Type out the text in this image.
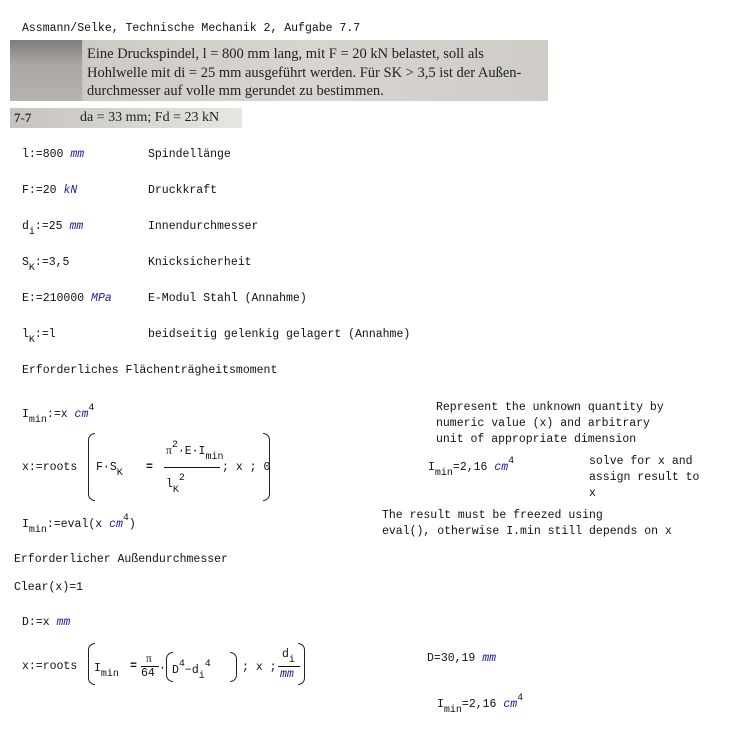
Assmann/Selke, Technische Mechanik 2, Aufgabe 7.7
Eine Druckspindel, l = 800 mm lang, mit F = 20 kN belastet, soll als
Hohlwelle mit di = 25 mm ausgeführt werden. Für SK > 3,5 ist der Außen-
durchmesser auf volle mm gerundet zu bestimmen.
7-7	da = 33 mm; Fd = 23 kN
l:=800 mm	Spindellänge
F:=20 kN	Druckkraft
di:=25 mm	Innendurchmesser
SK:=3,5	Knicksicherheit
E:=210000 MPa	E-Modul Stahl (Annahme)
lK:=l	beidseitig gelenkig gelagert (Annahme)
Erforderliches Flächenträgheitsmoment
Imin:=x cm4	Represent the unknown quantity by
numeric value (x) and arbitrary
unit of appropriate dimension
x:=roots F·SK =
π2·E·Imin
lK2
; x ; 0	Imin=2,16 cm4	solve for x and
assign result to
x
Imin:=eval(x cm4)
The result must be freezed using
eval(), otherwise I.min still depends on x
Erforderlicher Außendurchmesser
Clear(x)=1
D:=x mm
x:=roots Imin
=
π
64 · D4−di4	; x ;
di
mm
D=30,19 mm
Imin=2,16 cm4
